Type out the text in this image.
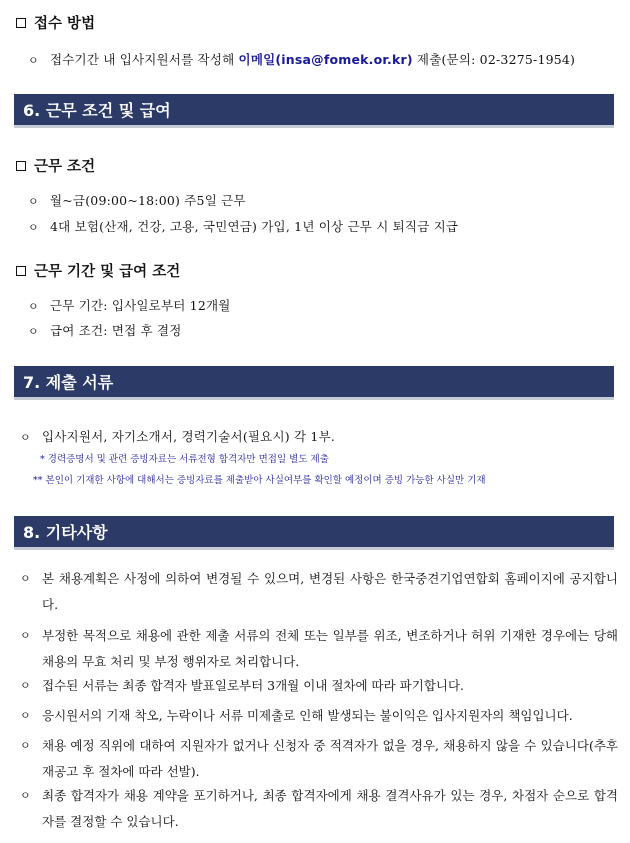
접수 방법
ㅇ 접수기간 내 입사지원서를 작성해 이메일(insa@fomek.or.kr) 제출(문의: 02-3275-1954)
6. 근무 조건 및 급여
근무 조건
ㅇ 월~금(09:00~18:00) 주5일 근무
ㅇ 4대 보험(산재, 건강, 고용, 국민연금) 가입, 1년 이상 근무 시 퇴직금 지급
근무 기간 및 급여 조건
ㅇ 근무 기간: 입사일로부터 12개월
ㅇ 급여 조건: 면접 후 결정
7. 제출 서류
ㅇ 입사지원서, 자기소개서, 경력기술서(필요시) 각 1부.
* 경력증명서 및 관련 증빙자료는 서류전형 합격자만 면접일 별도 제출
** 본인이 기재한 사항에 대해서는 증빙자료를 제출받아 사실여부를 확인할 예정이며 증빙 가능한 사실만 기재
8. 기타사항
ㅇ 본 채용계획은 사정에 의하여 변경될 수 있으며, 변경된 사항은 한국중견기업연합회 홈페이지에 공지합니다.
ㅇ 부정한 목적으로 채용에 관한 제출 서류의 전체 또는 일부를 위조, 변조하거나 허위 기재한 경우에는 당해 채용의 무효 처리 및 부정 행위자로 처리합니다.
ㅇ 접수된 서류는 최종 합격자 발표일로부터 3개월 이내 절차에 따라 파기합니다.
ㅇ 응시원서의 기재 착오, 누락이나 서류 미제출로 인해 발생되는 불이익은 입사지원자의 책임입니다.
ㅇ 채용 예정 직위에 대하여 지원자가 없거나 신청자 중 적격자가 없을 경우, 채용하지 않을 수 있습니다(추후 재공고 후 절차에 따라 선발).
ㅇ 최종 합격자가 채용 계약을 포기하거나, 최종 합격자에게 채용 결격사유가 있는 경우, 차점자 순으로 합격자를 결정할 수 있습니다.
